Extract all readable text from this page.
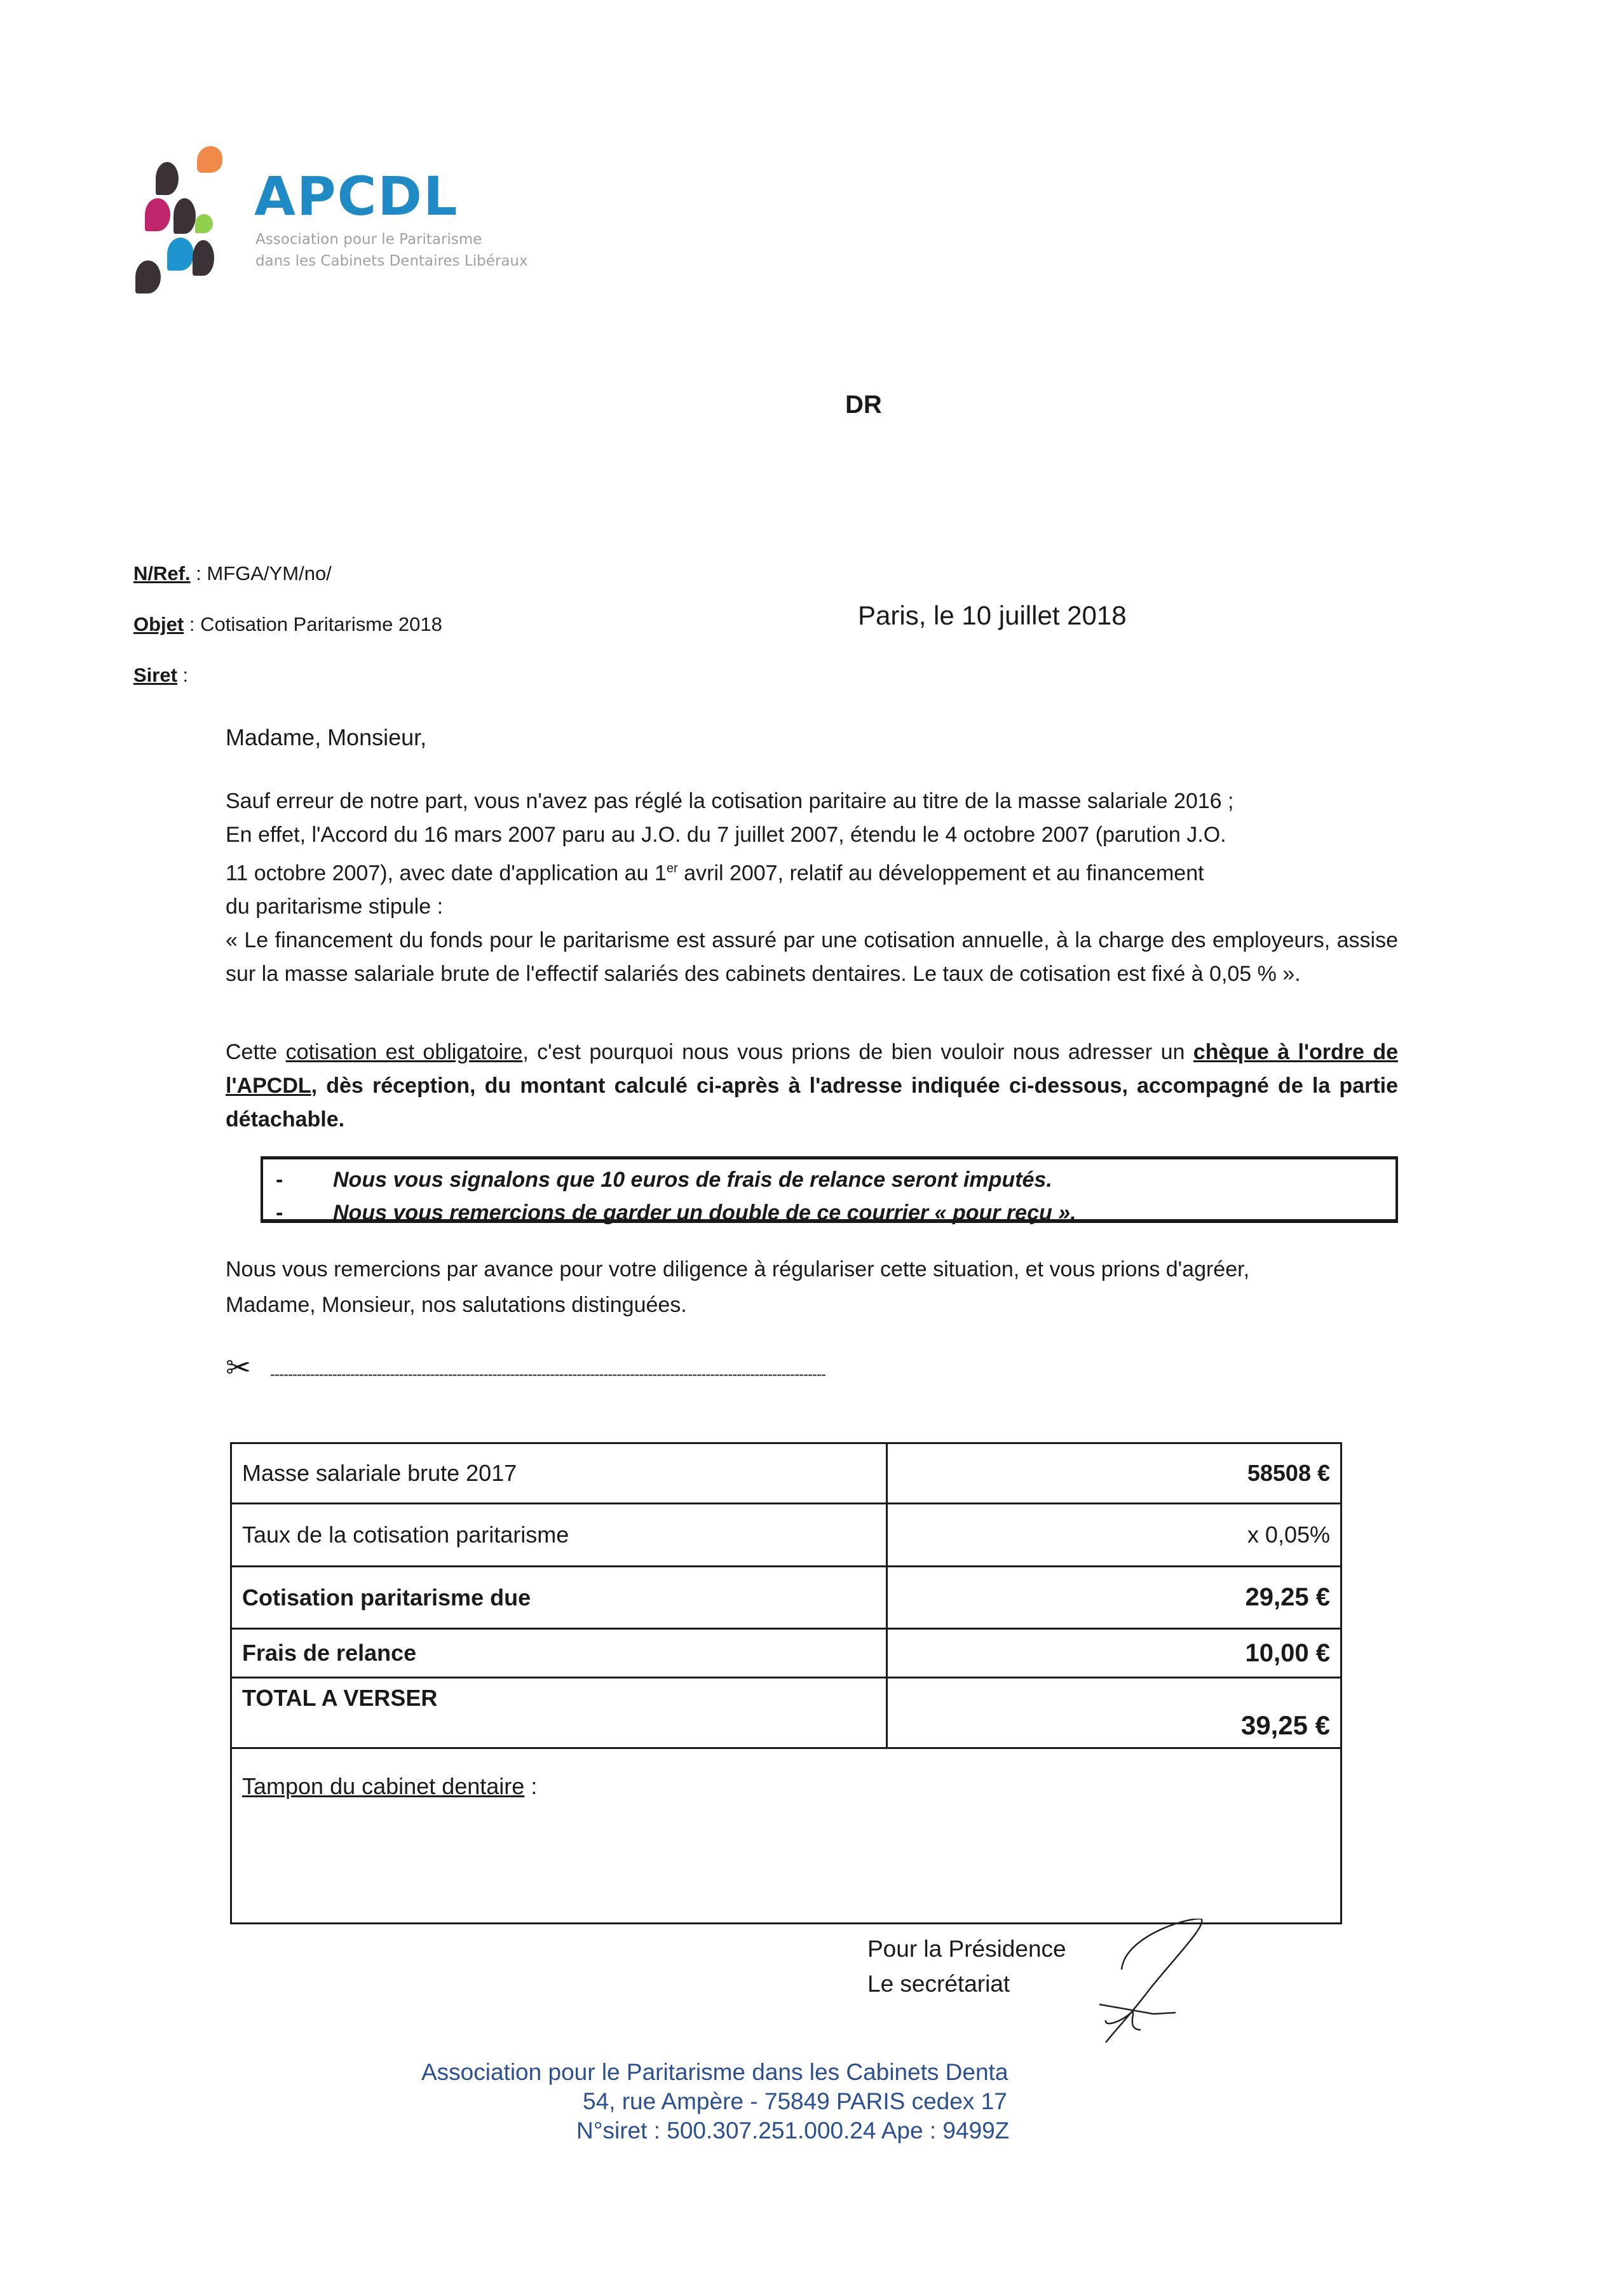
APCDL
Association pour le Paritarisme
dans les Cabinets Dentaires Libéraux
DR
N/Ref. : MFGA/YM/no/
Objet : Cotisation Paritarisme 2018
Siret :
Paris, le 10 juillet 2018
Madame, Monsieur,
Sauf erreur de notre part, vous n'avez pas réglé la cotisation paritaire au titre de la masse salariale 2016 ;
En effet, l'Accord du 16 mars 2007 paru au J.O. du 7 juillet 2007, étendu le 4 octobre 2007 (parution J.O.
11 octobre 2007), avec date d'application au 1er avril 2007, relatif au développement et au financement
du paritarisme stipule :
« Le financement du fonds pour le paritarisme est assuré par une cotisation annuelle, à la charge des employeurs, assise sur la masse salariale brute de l'effectif salariés des cabinets dentaires. Le taux de cotisation est fixé à 0,05 % ».
Cette cotisation est obligatoire, c'est pourquoi nous vous prions de bien vouloir nous adresser un chèque à l'ordre de l'APCDL, dès réception, du montant calculé ci-après à l'adresse indiquée ci-dessous, accompagné de la partie détachable.
-	Nous vous signalons que 10 euros de frais de relance seront imputés.
-	Nous vous remercions de garder un double de ce courrier « pour reçu ».
Nous vous remercions par avance pour votre diligence à régulariser cette situation, et vous prions d'agréer, Madame, Monsieur, nos salutations distinguées.
✂ -----------------------------------------------------------------------------------------------------------------------------
Masse salariale brute 2017	58508 €
Taux de la cotisation paritarisme	x 0,05%
Cotisation paritarisme due	29,25 €
Frais de relance	10,00 €
TOTAL A VERSER	39,25 €
Tampon du cabinet dentaire :	
Pour la Présidence
Le secrétariat
Association pour le Paritarisme dans les Cabinets Denta
54, rue Ampère - 75849 PARIS cedex 17
N°siret : 500.307.251.000.24 Ape : 9499Z
